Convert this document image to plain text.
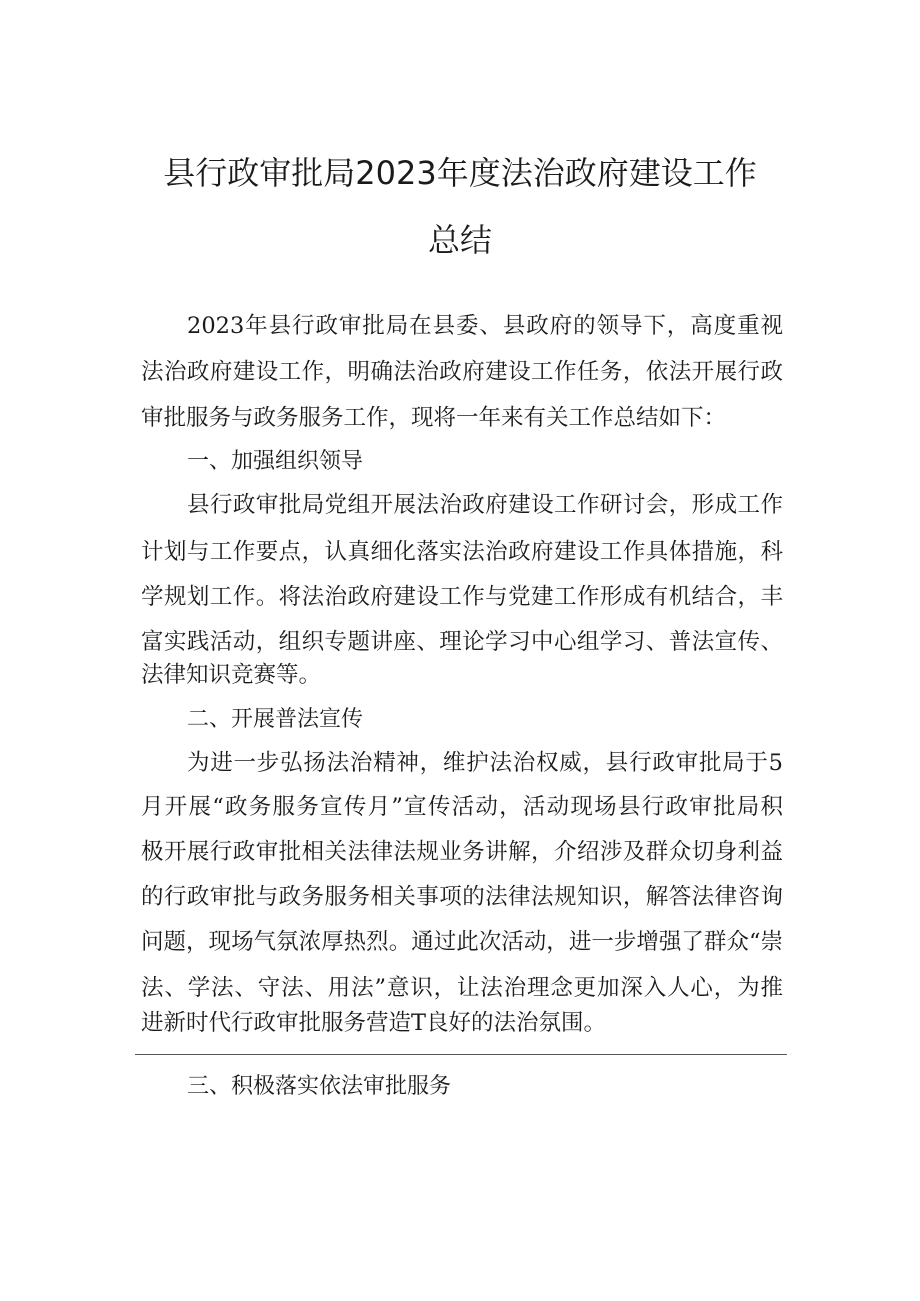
县行政审批局2023年度法治政府建设工作
总结
2023年县行政审批局在县委、县政府的领导下，高度重视
法治政府建设工作，明确法治政府建设工作任务，依法开展行政
审批服务与政务服务工作，现将一年来有关工作总结如下：
一、加强组织领导
县行政审批局党组开展法治政府建设工作研讨会，形成工作
计划与工作要点，认真细化落实法治政府建设工作具体措施，科
学规划工作。将法治政府建设工作与党建工作形成有机结合，丰
富实践活动，组织专题讲座、理论学习中心组学习、普法宣传、
法律知识竞赛等。
二、开展普法宣传
为进一步弘扬法治精神，维护法治权威，县行政审批局于5
月开展“政务服务宣传月”宣传活动，活动现场县行政审批局积
极开展行政审批相关法律法规业务讲解，介绍涉及群众切身利益
的行政审批与政务服务相关事项的法律法规知识，解答法律咨询
问题，现场气氛浓厚热烈。通过此次活动，进一步增强了群众“崇
法、学法、守法、用法”意识，让法治理念更加深入人心，为推
进新时代行政审批服务营造T良好的法治氛围。
三、积极落实依法审批服务
